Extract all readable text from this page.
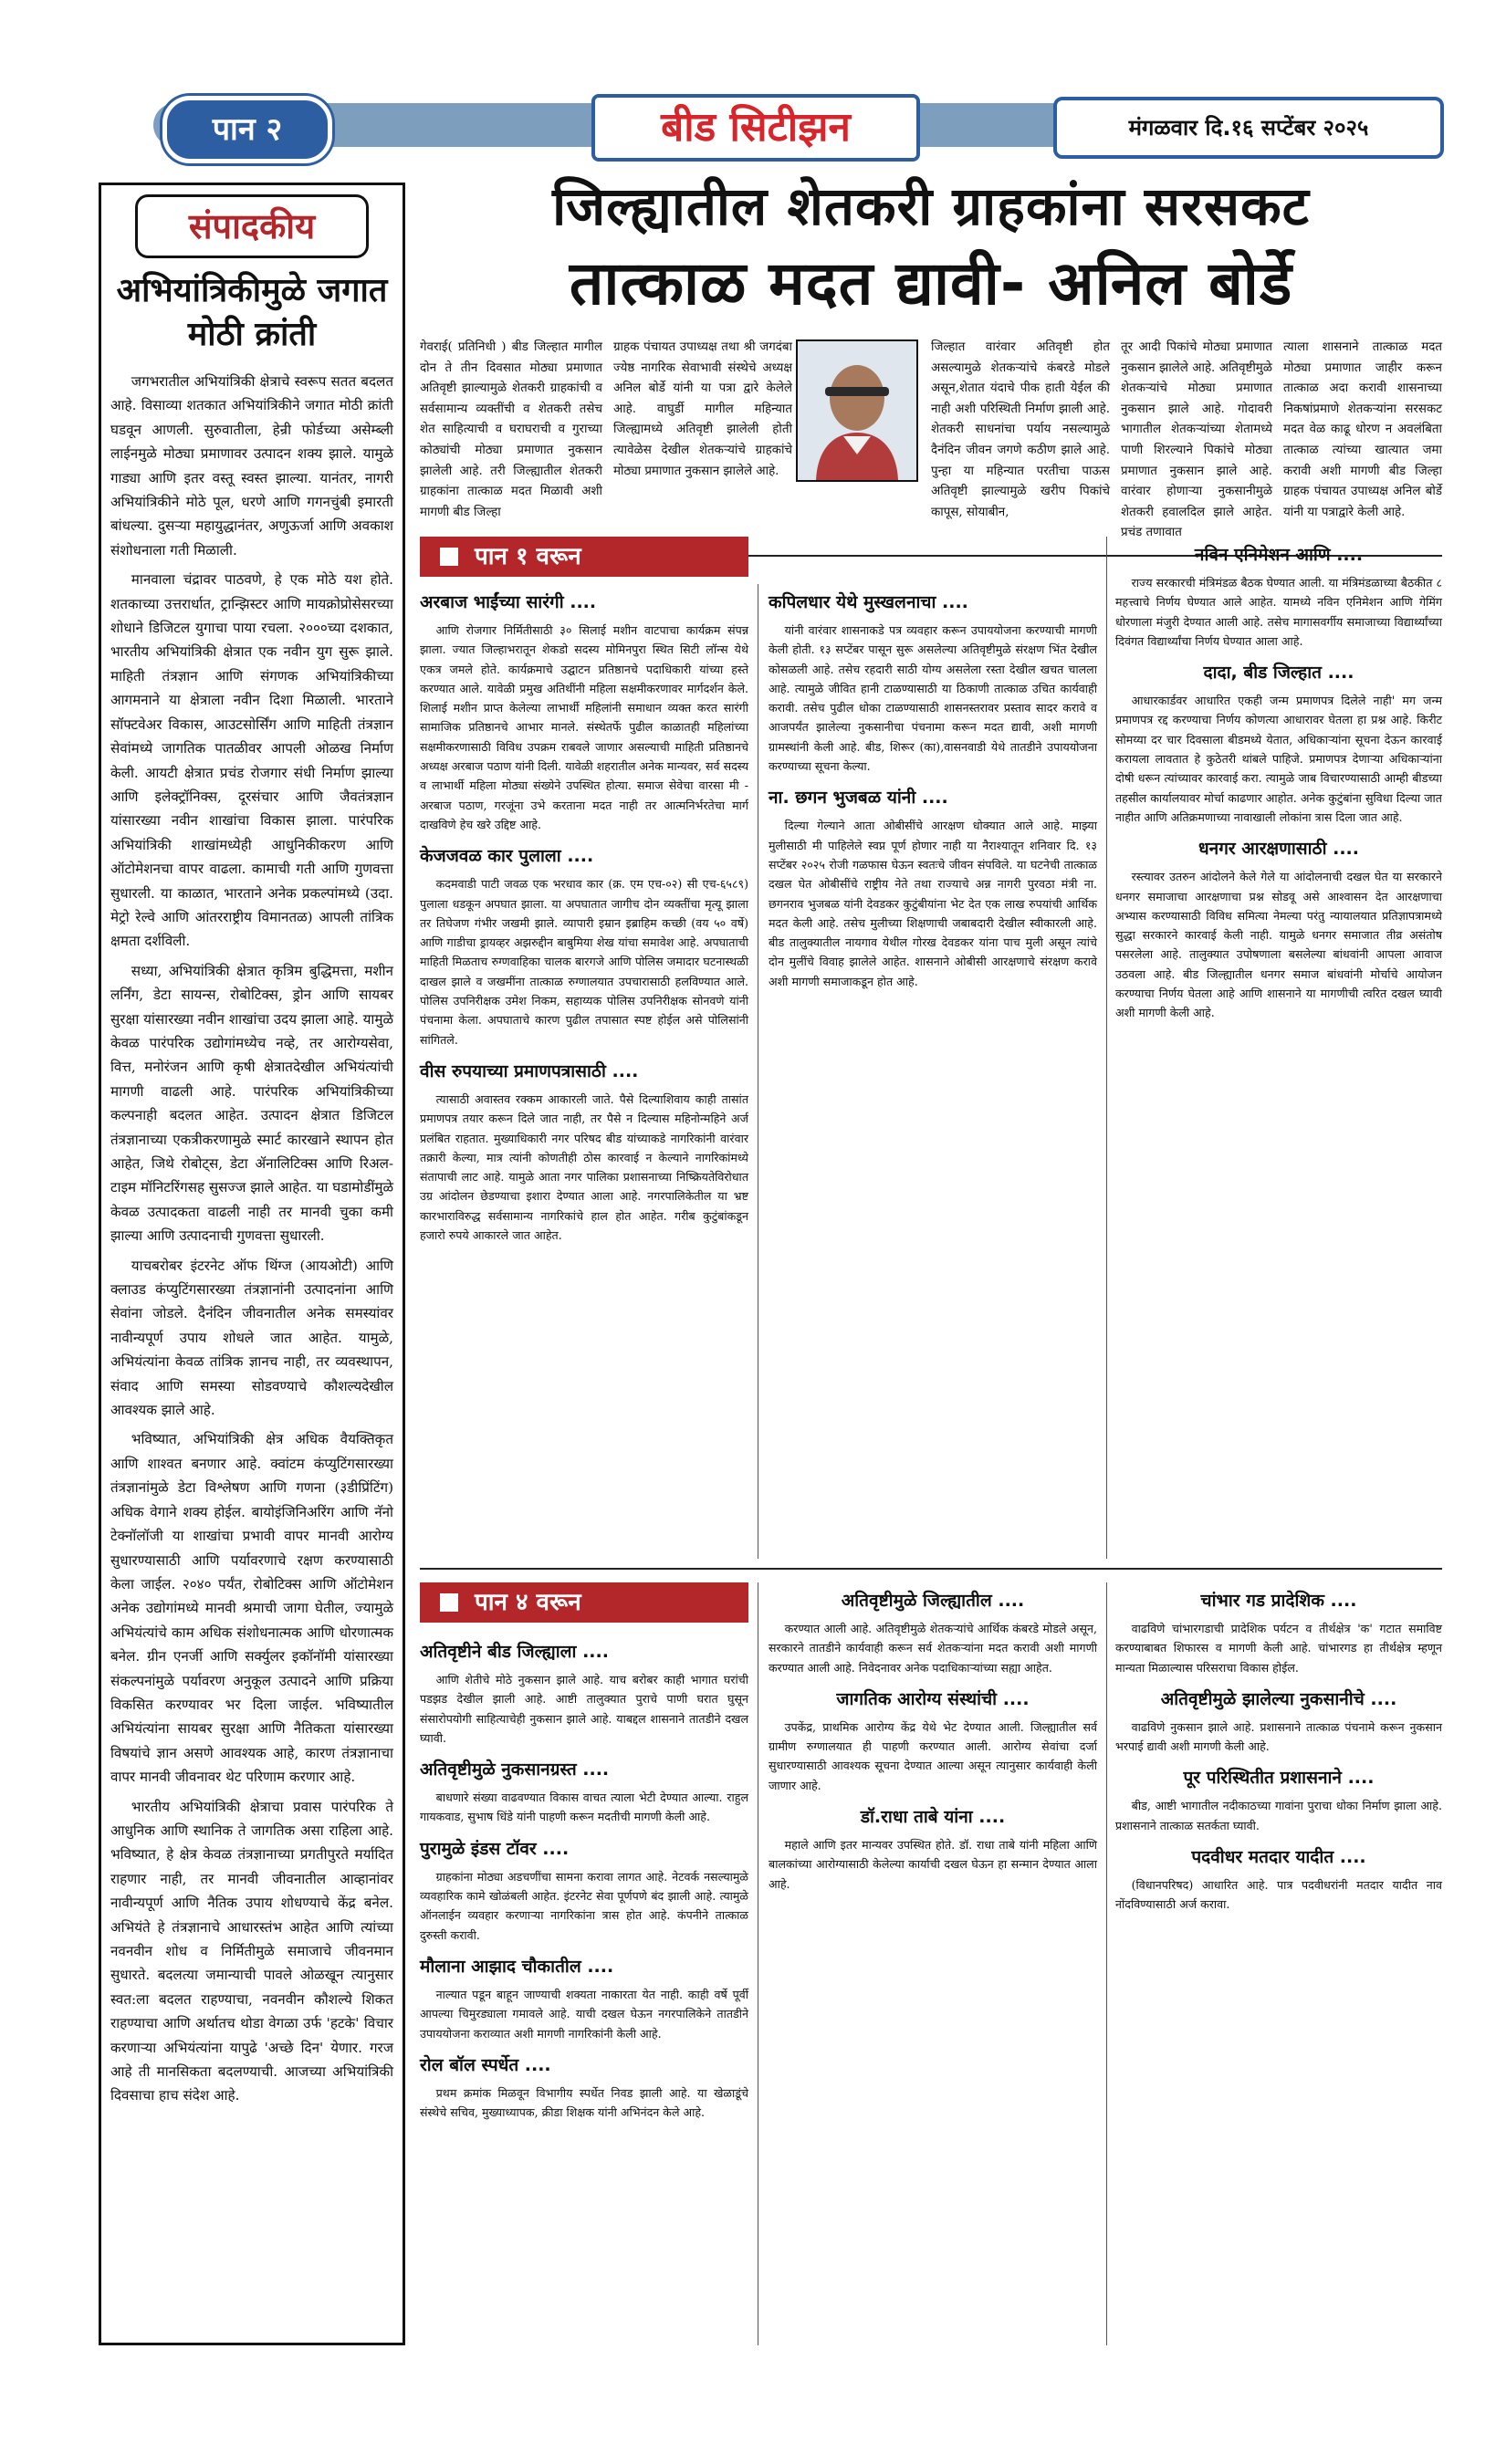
पान २	बीड सिटीझन	मंगळवार दि.१६ सप्टेंबर २०२५
संपादकीय
अभियांत्रिकीमुळे जगात मोठी क्रांती

जगभरातील अभियांत्रिकी क्षेत्राचे स्वरूप सतत बदलत आहे. विसाव्या शतकात अभियांत्रिकीने जगात मोठी क्रांती घडवून आणली. सुरुवातीला, हेन्री फोर्डच्या असेम्ब्ली लाईनमुळे मोठ्या प्रमाणावर उत्पादन शक्य झाले. यामुळे गाड्या आणि इतर वस्तू स्वस्त झाल्या. यानंतर, नागरी अभियांत्रिकीने मोठे पूल, धरणे आणि गगनचुंबी इमारती बांधल्या. दुसऱ्या महायुद्धानंतर, अणुऊर्जा आणि अवकाश संशोधनाला गती मिळाली.

मानवाला चंद्रावर पाठवणे, हे एक मोठे यश होते. शतकाच्या उत्तरार्धात, ट्रान्झिस्टर आणि मायक्रोप्रोसेसरच्या शोधाने डिजिटल युगाचा पाया रचला. २०००च्या दशकात, भारतीय अभियांत्रिकी क्षेत्रात एक नवीन युग सुरू झाले. माहिती तंत्रज्ञान आणि संगणक अभियांत्रिकीच्या आगमनाने या क्षेत्राला नवीन दिशा मिळाली. भारताने सॉफ्टवेअर विकास, आउटसोर्सिंग आणि माहिती तंत्रज्ञान सेवांमध्ये जागतिक पातळीवर आपली ओळख निर्माण केली. आयटी क्षेत्रात प्रचंड रोजगार संधी निर्माण झाल्या आणि इलेक्ट्रॉनिक्स, दूरसंचार आणि जैवतंत्रज्ञान यांसारख्या नवीन शाखांचा विकास झाला. पारंपरिक अभियांत्रिकी शाखांमध्येही आधुनिकीकरण आणि ऑटोमेशनचा वापर वाढला. कामाची गती आणि गुणवत्ता सुधारली. या काळात, भारताने अनेक प्रकल्पांमध्ये (उदा. मेट्रो रेल्वे आणि आंतरराष्ट्रीय विमानतळ) आपली तांत्रिक क्षमता दर्शविली.

सध्या, अभियांत्रिकी क्षेत्रात कृत्रिम बुद्धिमत्ता, मशीन लर्निंग, डेटा सायन्स, रोबोटिक्स, ड्रोन आणि सायबर सुरक्षा यांसारख्या नवीन शाखांचा उदय झाला आहे. यामुळे केवळ पारंपरिक उद्योगांमध्येच नव्हे, तर आरोग्यसेवा, वित्त, मनोरंजन आणि कृषी क्षेत्रातदेखील अभियंत्यांची मागणी वाढली आहे. पारंपरिक अभियांत्रिकीच्या कल्पनाही बदलत आहेत. उत्पादन क्षेत्रात डिजिटल तंत्रज्ञानाच्या एकत्रीकरणामुळे स्मार्ट कारखाने स्थापन होत आहेत, जिथे रोबोट्स, डेटा ॲनालिटिक्स आणि रिअल-टाइम मॉनिटरिंगसह सुसज्ज झाले आहेत. या घडामोडींमुळे केवळ उत्पादकता वाढली नाही तर मानवी चुका कमी झाल्या आणि उत्पादनाची गुणवत्ता सुधारली.

याचबरोबर इंटरनेट ऑफ थिंग्ज (आयओटी) आणि क्लाउड कंप्युटिंगसारख्या तंत्रज्ञानांनी उत्पादनांना आणि सेवांना जोडले. दैनंदिन जीवनातील अनेक समस्यांवर नावीन्यपूर्ण उपाय शोधले जात आहेत. यामुळे, अभियंत्यांना केवळ तांत्रिक ज्ञानच नाही, तर व्यवस्थापन, संवाद आणि समस्या सोडवण्याचे कौशल्यदेखील आवश्यक झाले आहे.

भविष्यात, अभियांत्रिकी क्षेत्र अधिक वैयक्तिकृत आणि शाश्वत बनणार आहे. क्वांटम कंप्युटिंगसारख्या तंत्रज्ञानांमुळे डेटा विश्लेषण आणि गणना (३डीप्रिंटिंग) अधिक वेगाने शक्य होईल. बायोइंजिनिअरिंग आणि नॅनो टेक्नॉलॉजी या शाखांचा प्रभावी वापर मानवी आरोग्य सुधारण्यासाठी आणि पर्यावरणाचे रक्षण करण्यासाठी केला जाईल. २०४० पर्यंत, रोबोटिक्स आणि ऑटोमेशन अनेक उद्योगांमध्ये मानवी श्रमाची जागा घेतील, ज्यामुळे अभियंत्यांचे काम अधिक संशोधनात्मक आणि धोरणात्मक बनेल. ग्रीन एनर्जी आणि सर्क्युलर इकॉनॉमी यांसारख्या संकल्पनांमुळे पर्यावरण अनुकूल उत्पादने आणि प्रक्रिया विकसित करण्यावर भर दिला जाईल. भविष्यातील अभियंत्यांना सायबर सुरक्षा आणि नैतिकता यांसारख्या विषयांचे ज्ञान असणे आवश्यक आहे, कारण तंत्रज्ञानाचा वापर मानवी जीवनावर थेट परिणाम करणार आहे.

भारतीय अभियांत्रिकी क्षेत्राचा प्रवास पारंपरिक ते आधुनिक आणि स्थानिक ते जागतिक असा राहिला आहे. भविष्यात, हे क्षेत्र केवळ तंत्रज्ञानाच्या प्रगतीपुरते मर्यादित राहणार नाही, तर मानवी जीवनातील आव्हानांवर नावीन्यपूर्ण आणि नैतिक उपाय शोधण्याचे केंद्र बनेल. अभियंते हे तंत्रज्ञानाचे आधारस्तंभ आहेत आणि त्यांच्या नवनवीन शोध व निर्मितीमुळे समाजाचे जीवनमान सुधारते. बदलत्या जमान्याची पावले ओळखून त्यानुसार स्वत:ला बदलत राहण्याचा, नवनवीन कौशल्ये शिकत राहण्याचा आणि अर्थातच थोडा वेगळा उर्फ 'हटके' विचार करणाऱ्या अभियंत्यांना यापुढे 'अच्छे दिन' येणार. गरज आहे ती मानसिकता बदलण्याची. आजच्या अभियांत्रिकी दिवसाचा हाच संदेश आहे.

जिल्ह्यातील शेतकरी ग्राहकांना सरसकट
तात्काळ मदत द्यावी- अनिल बोर्डे

गेवराई( प्रतिनिधी ) बीड जिल्हात मागील दोन ते तीन दिवसात मोठ्या प्रमाणात अतिवृष्टी झाल्यामुळे शेतकरी ग्राहकांची व सर्वसामान्य व्यक्तींची व शेतकरी तसेच शेत साहित्याची व घराघराची व गुराच्या कोठ्यांची मोठ्या प्रमाणात नुकसान झालेली आहे. तरी जिल्ह्यातील शेतकरी ग्राहकांना तात्काळ मदत मिळावी अशी मागणी बीड जिल्हा

ग्राहक पंचायत उपाध्यक्ष तथा श्री जगदंबा ज्येष्ठ नागरिक सेवाभावी संस्थेचे अध्यक्ष अनिल बोर्डे यांनी या पत्रा द्वारे केलेले आहे. वाघुर्डी मागील महिन्यात जिल्ह्यामध्ये अतिवृष्टी झालेली होती त्यावेळेस देखील शेतकऱ्यांचे ग्राहकांचे मोठ्या प्रमाणात नुकसान झालेले आहे.

जिल्हात वारंवार अतिवृष्टी होत असल्यामुळे शेतकऱ्यांचे कंबरडे मोडले असून,शेतात यंदाचे पीक हाती येईल की नाही अशी परिस्थिती निर्माण झाली आहे. शेतकरी साधनांचा पर्याय नसल्यामुळे दैनंदिन जीवन जगणे कठीण झाले आहे. पुन्हा या महिन्यात परतीचा पाऊस अतिवृष्टी झाल्यामुळे खरीप पिकांचे कापूस, सोयाबीन,

तूर आदी पिकांचे मोठ्या प्रमाणात नुकसान झालेले आहे. अतिवृष्टीमुळे शेतकऱ्यांचे मोठ्या प्रमाणात नुकसान झाले आहे. गोदावरी भागातील शेतकऱ्यांच्या शेतामध्ये पाणी शिरल्याने पिकांचे मोठ्या प्रमाणात नुकसान झाले आहे. वारंवार होणाऱ्या नुकसानीमुळे शेतकरी हवालदिल झाले आहेत. प्रचंड तणावात

त्याला शासनाने तात्काळ मदत मोठ्या प्रमाणात जाहीर करून तात्काळ अदा करावी शासनाच्या निकषांप्रमाणे शेतकऱ्यांना सरसकट मदत वेळ काढू धोरण न अवलंबिता तात्काळ त्यांच्या खात्यात जमा करावी अशी मागणी बीड जिल्हा ग्राहक पंचायत उपाध्यक्ष अनिल बोर्डे यांनी या पत्राद्वारे केली आहे.

पान १ वरून
अरबाज भाईंच्या सारंगी ....

आणि रोजगार निर्मितीसाठी ३० सिलाई मशीन वाटपाचा कार्यक्रम संपन्न झाला. ज्यात जिल्हाभरातून शेकडो सदस्य मोमिनपुरा स्थित सिटी लॉन्स येथे एकत्र जमले होते. कार्यक्रमाचे उद्घाटन प्रतिष्ठानचे पदाधिकारी यांच्या हस्ते करण्यात आले. यावेळी प्रमुख अतिथींनी महिला सक्षमीकरणावर मार्गदर्शन केले. शिलाई मशीन प्राप्त केलेल्या लाभार्थी महिलांनी समाधान व्यक्त करत सारंगी सामाजिक प्रतिष्ठानचे आभार मानले. संस्थेतर्फे पुढील काळातही महिलांच्या सक्षमीकरणासाठी विविध उपक्रम राबवले जाणार असल्याची माहिती प्रतिष्ठानचे अध्यक्ष अरबाज पठाण यांनी दिली. यावेळी शहरातील अनेक मान्यवर, सर्व सदस्य व लाभार्थी महिला मोठ्या संख्येने उपस्थित होत्या. समाज सेवेचा वारसा मी - अरबाज पठाण, गरजूंना उभे करताना मदत नाही तर आत्मनिर्भरतेचा मार्ग दाखविणे हेच खरे उद्दिष्ट आहे.

केजजवळ कार पुलाला ....

कदमवाडी पाटी जवळ एक भरधाव कार (क्र. एम एच-०२) सी एच-६५८९) पुलाला धडकून अपघात झाला. या अपघातात जागीच दोन व्यक्तींचा मृत्यू झाला तर तिघेजण गंभीर जखमी झाले. व्यापारी इम्रान इब्राहिम कच्छी (वय ५० वर्षे) आणि गाडीचा ड्रायव्हर अझरुद्दीन बाबुमिया शेख यांचा समावेश आहे. अपघाताची माहिती मिळताच रुग्णवाहिका चालक बारगजे आणि पोलिस जमादार घटनास्थळी दाखल झाले व जखमींना तात्काळ रुग्णालयात उपचारासाठी हलविण्यात आले. पोलिस उपनिरीक्षक उमेश निकम, सहाय्यक पोलिस उपनिरीक्षक सोनवणे यांनी पंचनामा केला. अपघाताचे कारण पुढील तपासात स्पष्ट होईल असे पोलिसांनी सांगितले.

वीस रुपयाच्या प्रमाणपत्रासाठी ....

त्यासाठी अवास्तव रक्कम आकारली जाते. पैसे दिल्याशिवाय काही तासांत प्रमाणपत्र तयार करून दिले जात नाही, तर पैसे न दिल्यास महिनोन्महिने अर्ज प्रलंबित राहतात. मुख्याधिकारी नगर परिषद बीड यांच्याकडे नागरिकांनी वारंवार तक्रारी केल्या, मात्र त्यांनी कोणतीही ठोस कारवाई न केल्याने नागरिकांमध्ये संतापाची लाट आहे. यामुळे आता नगर पालिका प्रशासनाच्या निष्क्रियतेविरोधात उग्र आंदोलन छेडण्याचा इशारा देण्यात आला आहे. नगरपालिकेतील या भ्रष्ट कारभाराविरुद्ध सर्वसामान्य नागरिकांचे हाल होत आहेत. गरीब कुटुंबांकडून हजारो रुपये आकारले जात आहेत.

कपिलधार येथे मुस्खलनाचा ....

यांनी वारंवार शासनाकडे पत्र व्यवहार करून उपाययोजना करण्याची मागणी केली होती. १३ सप्टेंबर पासून सुरू असलेल्या अतिवृष्टीमुळे संरक्षण भिंत देखील कोसळली आहे. तसेच रहदारी साठी योग्य असलेला रस्ता देखील खचत चालला आहे. त्यामुळे जीवित हानी टाळण्यासाठी या ठिकाणी तात्काळ उचित कार्यवाही करावी. तसेच पुढील धोका टाळण्यासाठी शासनस्तरावर प्रस्ताव सादर करावे व आजपर्यंत झालेल्या नुकसानीचा पंचनामा करून मदत द्यावी, अशी मागणी ग्रामस्थांनी केली आहे. बीड, शिरूर (का),वासनवाडी येथे तातडीने उपाययोजना करण्याच्या सूचना केल्या.

ना. छगन भुजबळ यांनी ....

दिल्या गेल्याने आता ओबीसींचे आरक्षण धोक्यात आले आहे. माझ्या मुलीसाठी मी पाहिलेले स्वप्न पूर्ण होणार नाही या नैराश्यातून शनिवार दि. १३ सप्टेंबर २०२५ रोजी गळफास घेऊन स्वतःचे जीवन संपविले. या घटनेची तात्काळ दखल घेत ओबीसींचे राष्ट्रीय नेते तथा राज्याचे अन्न नागरी पुरवठा मंत्री ना. छगनराव भुजबळ यांनी देवडकर कुटुंबीयांना भेट देत एक लाख रुपयांची आर्थिक मदत केली आहे. तसेच मुलीच्या शिक्षणाची जबाबदारी देखील स्वीकारली आहे. बीड तालुक्यातील नायगाव येथील गोरख देवडकर यांना पाच मुली असून त्यांचे दोन मुलींचे विवाह झालेले आहेत. शासनाने ओबीसी आरक्षणाचे संरक्षण करावे अशी मागणी समाजाकडून होत आहे.

नविन एनिमेशन आणि ....

राज्य सरकारची मंत्रिमंडळ बैठक घेण्यात आली. या मंत्रिमंडळाच्या बैठकीत ८ महत्त्वाचे निर्णय घेण्यात आले आहेत. यामध्ये नविन एनिमेशन आणि गेमिंग धोरणाला मंजुरी देण्यात आली आहे. तसेच मागासवर्गीय समाजाच्या विद्यार्थ्यांच्या दिवंगत विद्यार्थ्यांचा निर्णय घेण्यात आला आहे.

दादा, बीड जिल्हात ....

आधारकार्डवर आधारित एकही जन्म प्रमाणपत्र दिलेले नाही' मग जन्म प्रमाणपत्र रद्द करण्याचा निर्णय कोणत्या आधारावर घेतला हा प्रश्न आहे. किरीट सोमय्या दर चार दिवसाला बीडमध्ये येतात, अधिकाऱ्यांना सूचना देऊन कारवाई करायला लावतात हे कुठेतरी थांबले पाहिजे. प्रमाणपत्र देणाऱ्या अधिकाऱ्यांना दोषी धरून त्यांच्यावर कारवाई करा. त्यामुळे जाब विचारण्यासाठी आम्ही बीडच्या तहसील कार्यालयावर मोर्चा काढणार आहोत. अनेक कुटुंबांना सुविधा दिल्या जात नाहीत आणि अतिक्रमणाच्या नावाखाली लोकांना त्रास दिला जात आहे.

धनगर आरक्षणासाठी ....

रस्त्यावर उतरुन आंदोलने केले गेले या आंदोलनाची दखल घेत या सरकारने धनगर समाजाचा आरक्षणाचा प्रश्न सोडवू असे आश्वासन देत आरक्षणाचा अभ्यास करण्यासाठी विविध समित्या नेमल्या परंतु न्यायालयात प्रतिज्ञापत्रामध्ये सुद्धा सरकारने कारवाई केली नाही. यामुळे धनगर समाजात तीव्र असंतोष पसरलेला आहे. तालुक्यात उपोषणाला बसलेल्या बांधवांनी आपला आवाज उठवला आहे. बीड जिल्ह्यातील धनगर समाज बांधवांनी मोर्चाचे आयोजन करण्याचा निर्णय घेतला आहे आणि शासनाने या मागणीची त्वरित दखल घ्यावी अशी मागणी केली आहे.

पान ४ वरून
अतिवृष्टीने बीड जिल्ह्याला ....

आणि शेतीचे मोठे नुकसान झाले आहे. याच बरोबर काही भागात घरांची पडझड देखील झाली आहे. आष्टी तालुक्यात पुराचे पाणी घरात घुसून संसारोपयोगी साहित्याचेही नुकसान झाले आहे. याबद्दल शासनाने तातडीने दखल घ्यावी.

अतिवृष्टीमुळे नुकसानग्रस्त ....

बाधणारे संख्या वाढवण्यात विकास वाचत त्याला भेटी देण्यात आल्या. राहुल गायकवाड, सुभाष धिंडे यांनी पाहणी करून मदतीची मागणी केली आहे.

पुरामुळे इंडस टॉवर ....

ग्राहकांना मोठ्या अडचणींचा सामना करावा लागत आहे. नेटवर्क नसल्यामुळे व्यवहारिक कामे खोळंबली आहेत. इंटरनेट सेवा पूर्णपणे बंद झाली आहे. त्यामुळे ऑनलाईन व्यवहार करणाऱ्या नागरिकांना त्रास होत आहे. कंपनीने तात्काळ दुरुस्ती करावी.

मौलाना आझाद चौकातील ....

नाल्यात पडून बाहून जाण्याची शक्यता नाकारता येत नाही. काही वर्षे पूर्वी आपल्या चिमुरड्याला गमावले आहे. याची दखल घेऊन नगरपालिकेने तातडीने उपाययोजना कराव्यात अशी मागणी नागरिकांनी केली आहे.

रोल बॉल स्पर्धेत ....

प्रथम क्रमांक मिळवून विभागीय स्पर्धेत निवड झाली आहे. या खेळाडूंचे संस्थेचे सचिव, मुख्याध्यापक, क्रीडा शिक्षक यांनी अभिनंदन केले आहे.

अतिवृष्टीमुळे जिल्ह्यातील ....

करण्यात आली आहे. अतिवृष्टीमुळे शेतकऱ्यांचे आर्थिक कंबरडे मोडले असून, सरकारने तातडीने कार्यवाही करून सर्व शेतकऱ्यांना मदत करावी अशी मागणी करण्यात आली आहे. निवेदनावर अनेक पदाधिकाऱ्यांच्या सह्या आहेत.

जागतिक आरोग्य संस्थांची ....

उपकेंद्र, प्राथमिक आरोग्य केंद्र येथे भेट देण्यात आली. जिल्ह्यातील सर्व ग्रामीण रुग्णालयात ही पाहणी करण्यात आली. आरोग्य सेवांचा दर्जा सुधारण्यासाठी आवश्यक सूचना देण्यात आल्या असून त्यानुसार कार्यवाही केली जाणार आहे.

डॉ.राधा ताबे यांना ....

महाले आणि इतर मान्यवर उपस्थित होते. डॉ. राधा ताबे यांनी महिला आणि बालकांच्या आरोग्यासाठी केलेल्या कार्याची दखल घेऊन हा सन्मान देण्यात आला आहे.

चांभार गड प्रादेशिक ....

वाढविणे चांभारगडाची प्रादेशिक पर्यटन व तीर्थक्षेत्र 'क' गटात समाविष्ट करण्याबाबत शिफारस व मागणी केली आहे. चांभारगड हा तीर्थक्षेत्र म्हणून मान्यता मिळाल्यास परिसराचा विकास होईल.

अतिवृष्टीमुळे झालेल्या नुकसानीचे ....

वाढविणे नुकसान झाले आहे. प्रशासनाने तात्काळ पंचनामे करून नुकसान भरपाई द्यावी अशी मागणी केली आहे.

पूर परिस्थितीत प्रशासनाने ....

बीड, आष्टी भागातील नदीकाठच्या गावांना पुराचा धोका निर्माण झाला आहे. प्रशासनाने तात्काळ सतर्कता घ्यावी.

पदवीधर मतदार यादीत ....

(विधानपरिषद) आधारित आहे. पात्र पदवीधरांनी मतदार यादीत नाव नोंदविण्यासाठी अर्ज करावा.
